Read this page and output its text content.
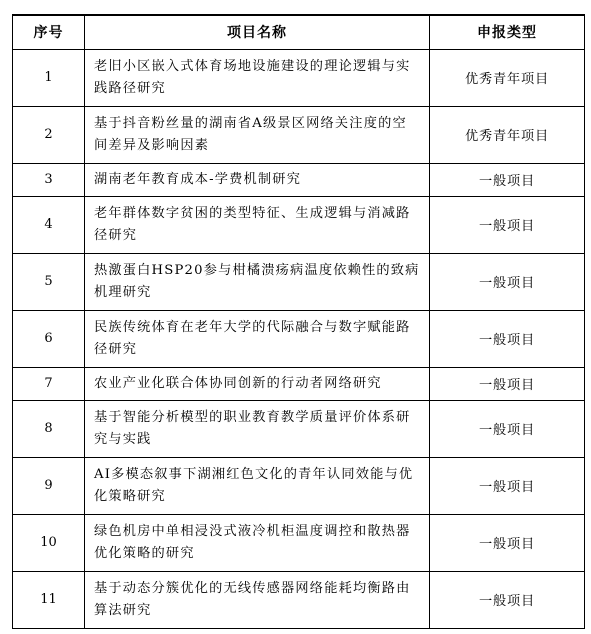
序号	项目名称	申报类型
1	老旧小区嵌入式体育场地设施建设的理论逻辑与实践路径研究	优秀青年项目
2	基于抖音粉丝量的湖南省A级景区网络关注度的空间差异及影响因素	优秀青年项目
3	湖南老年教育成本-学费机制研究	一般项目
4	老年群体数字贫困的类型特征、生成逻辑与消减路径研究	一般项目
5	热激蛋白HSP20参与柑橘溃疡病温度依赖性的致病机理研究	一般项目
6	民族传统体育在老年大学的代际融合与数字赋能路径研究	一般项目
7	农业产业化联合体协同创新的行动者网络研究	一般项目
8	基于智能分析模型的职业教育教学质量评价体系研究与实践	一般项目
9	AI多模态叙事下湖湘红色文化的青年认同效能与优化策略研究	一般项目
10	绿色机房中单相浸没式液冷机柜温度调控和散热器优化策略的研究	一般项目
11	基于动态分簇优化的无线传感器网络能耗均衡路由算法研究	一般项目
